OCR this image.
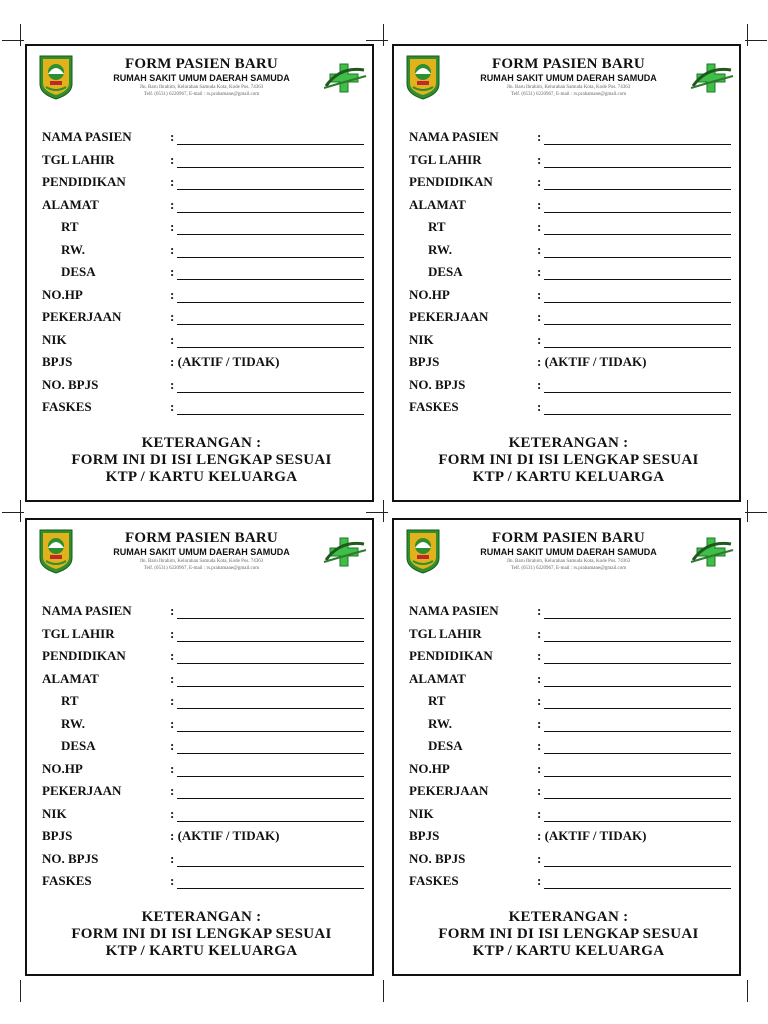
FORM PASIEN BARU
RUMAH SAKIT UMUM DAERAH SAMUDA
Jln. Baru Ibrahim, Kelurahan Samuda Kota, Kode Pos. 74363
Telf. (0531) 6220967, E-mail : rs.prabamane@gmail.com
NAMA PASIEN	:
TGL LAHIR	:
PENDIDIKAN	:
ALAMAT	:
RT	:
RW.	:
DESA	:
NO.HP	:
PEKERJAAN	:
NIK	:
BPJS	: (AKTIF / TIDAK)
NO. BPJS	:
FASKES	:
KETERANGAN :
FORM INI DI ISI LENGKAP SESUAI
KTP / KARTU KELUARGA
FORM PASIEN BARU
RUMAH SAKIT UMUM DAERAH SAMUDA
Jln. Baru Ibrahim, Kelurahan Samuda Kota, Kode Pos. 74363
Telf. (0531) 6220967, E-mail : rs.prabamane@gmail.com
NAMA PASIEN	:
TGL LAHIR	:
PENDIDIKAN	:
ALAMAT	:
RT	:
RW.	:
DESA	:
NO.HP	:
PEKERJAAN	:
NIK	:
BPJS	: (AKTIF / TIDAK)
NO. BPJS	:
FASKES	:
KETERANGAN :
FORM INI DI ISI LENGKAP SESUAI
KTP / KARTU KELUARGA
FORM PASIEN BARU
RUMAH SAKIT UMUM DAERAH SAMUDA
Jln. Baru Ibrahim, Kelurahan Samuda Kota, Kode Pos. 74363
Telf. (0531) 6220967, E-mail : rs.prabamane@gmail.com
NAMA PASIEN	:
TGL LAHIR	:
PENDIDIKAN	:
ALAMAT	:
RT	:
RW.	:
DESA	:
NO.HP	:
PEKERJAAN	:
NIK	:
BPJS	: (AKTIF / TIDAK)
NO. BPJS	:
FASKES	:
KETERANGAN :
FORM INI DI ISI LENGKAP SESUAI
KTP / KARTU KELUARGA
FORM PASIEN BARU
RUMAH SAKIT UMUM DAERAH SAMUDA
Jln. Baru Ibrahim, Kelurahan Samuda Kota, Kode Pos. 74363
Telf. (0531) 6220967, E-mail : rs.prabamane@gmail.com
NAMA PASIEN	:
TGL LAHIR	:
PENDIDIKAN	:
ALAMAT	:
RT	:
RW.	:
DESA	:
NO.HP	:
PEKERJAAN	:
NIK	:
BPJS	: (AKTIF / TIDAK)
NO. BPJS	:
FASKES	:
KETERANGAN :
FORM INI DI ISI LENGKAP SESUAI
KTP / KARTU KELUARGA
